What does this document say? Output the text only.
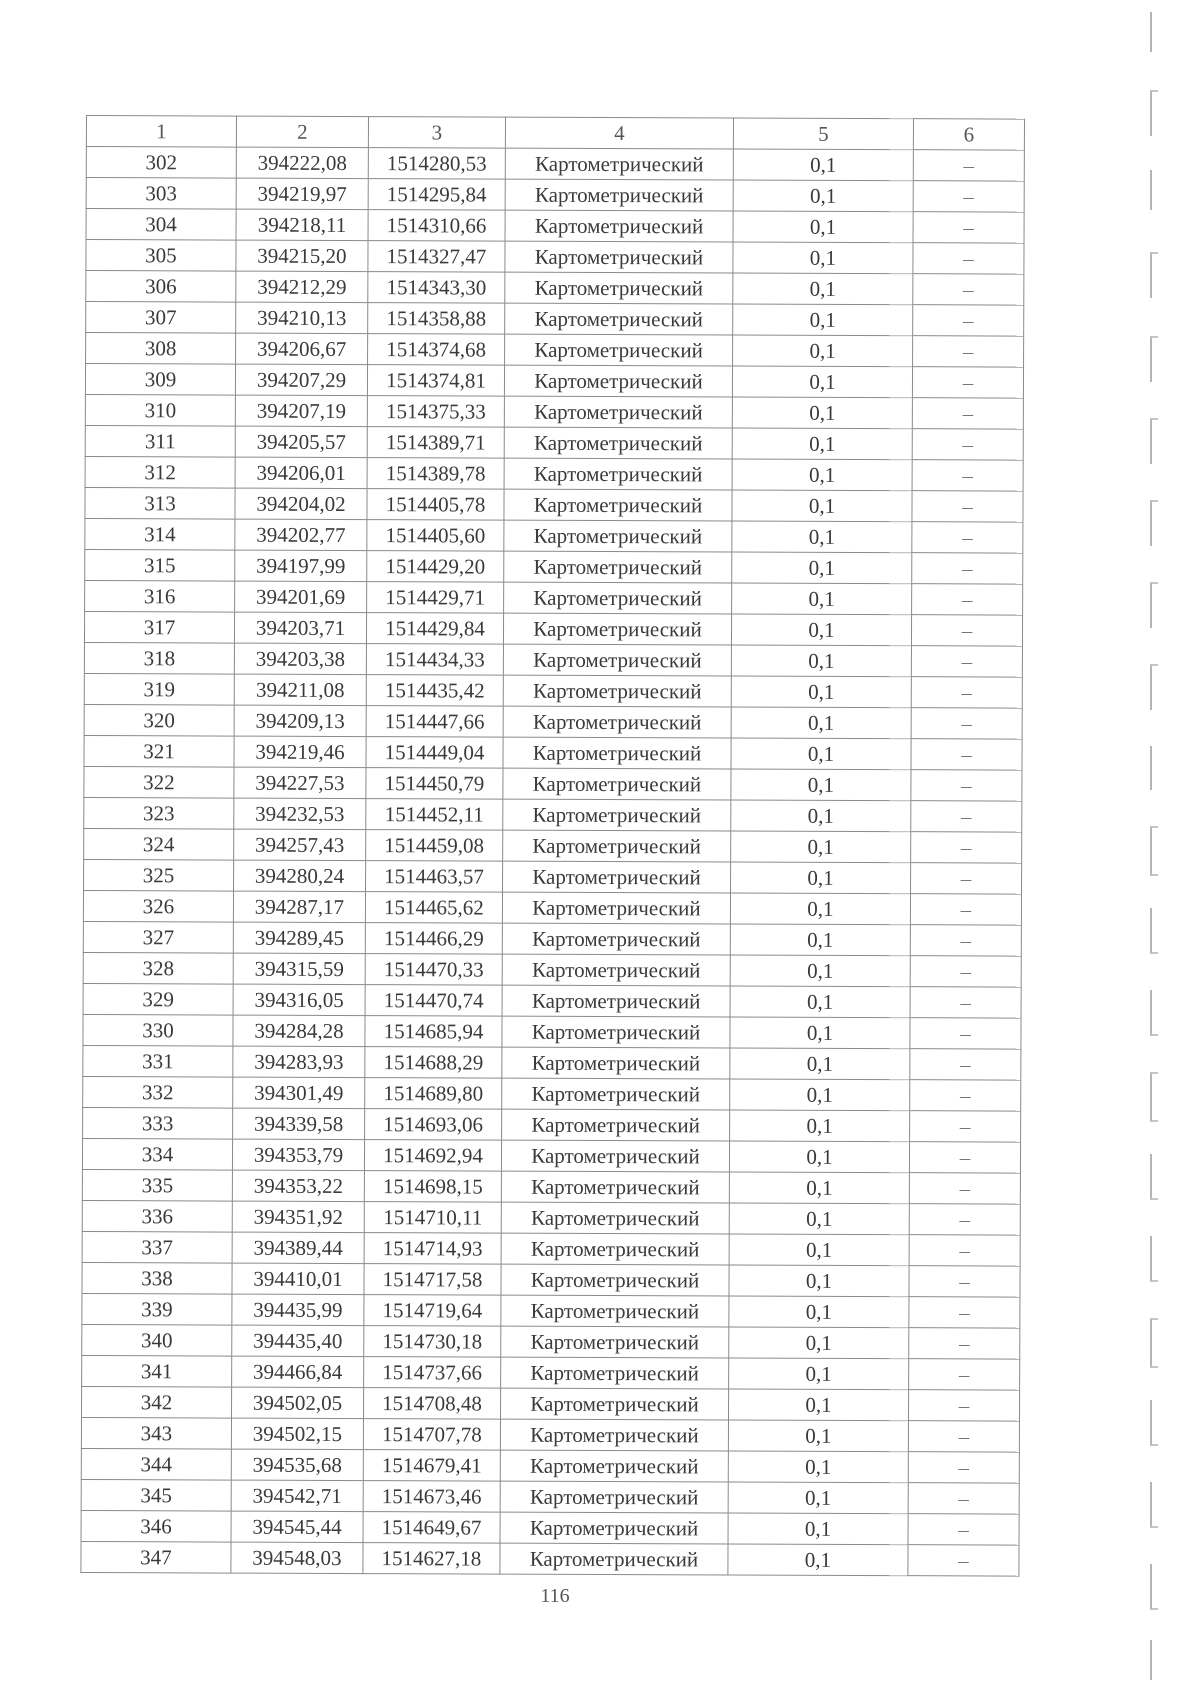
1	2	3	4	5	6
302	394222,08	1514280,53	Картометрический	0,1	–
303	394219,97	1514295,84	Картометрический	0,1	–
304	394218,11	1514310,66	Картометрический	0,1	–
305	394215,20	1514327,47	Картометрический	0,1	–
306	394212,29	1514343,30	Картометрический	0,1	–
307	394210,13	1514358,88	Картометрический	0,1	–
308	394206,67	1514374,68	Картометрический	0,1	–
309	394207,29	1514374,81	Картометрический	0,1	–
310	394207,19	1514375,33	Картометрический	0,1	–
311	394205,57	1514389,71	Картометрический	0,1	–
312	394206,01	1514389,78	Картометрический	0,1	–
313	394204,02	1514405,78	Картометрический	0,1	–
314	394202,77	1514405,60	Картометрический	0,1	–
315	394197,99	1514429,20	Картометрический	0,1	–
316	394201,69	1514429,71	Картометрический	0,1	–
317	394203,71	1514429,84	Картометрический	0,1	–
318	394203,38	1514434,33	Картометрический	0,1	–
319	394211,08	1514435,42	Картометрический	0,1	–
320	394209,13	1514447,66	Картометрический	0,1	–
321	394219,46	1514449,04	Картометрический	0,1	–
322	394227,53	1514450,79	Картометрический	0,1	–
323	394232,53	1514452,11	Картометрический	0,1	–
324	394257,43	1514459,08	Картометрический	0,1	–
325	394280,24	1514463,57	Картометрический	0,1	–
326	394287,17	1514465,62	Картометрический	0,1	–
327	394289,45	1514466,29	Картометрический	0,1	–
328	394315,59	1514470,33	Картометрический	0,1	–
329	394316,05	1514470,74	Картометрический	0,1	–
330	394284,28	1514685,94	Картометрический	0,1	–
331	394283,93	1514688,29	Картометрический	0,1	–
332	394301,49	1514689,80	Картометрический	0,1	–
333	394339,58	1514693,06	Картометрический	0,1	–
334	394353,79	1514692,94	Картометрический	0,1	–
335	394353,22	1514698,15	Картометрический	0,1	–
336	394351,92	1514710,11	Картометрический	0,1	–
337	394389,44	1514714,93	Картометрический	0,1	–
338	394410,01	1514717,58	Картометрический	0,1	–
339	394435,99	1514719,64	Картометрический	0,1	–
340	394435,40	1514730,18	Картометрический	0,1	–
341	394466,84	1514737,66	Картометрический	0,1	–
342	394502,05	1514708,48	Картометрический	0,1	–
343	394502,15	1514707,78	Картометрический	0,1	–
344	394535,68	1514679,41	Картометрический	0,1	–
345	394542,71	1514673,46	Картометрический	0,1	–
346	394545,44	1514649,67	Картометрический	0,1	–
347	394548,03	1514627,18	Картометрический	0,1	–
116
